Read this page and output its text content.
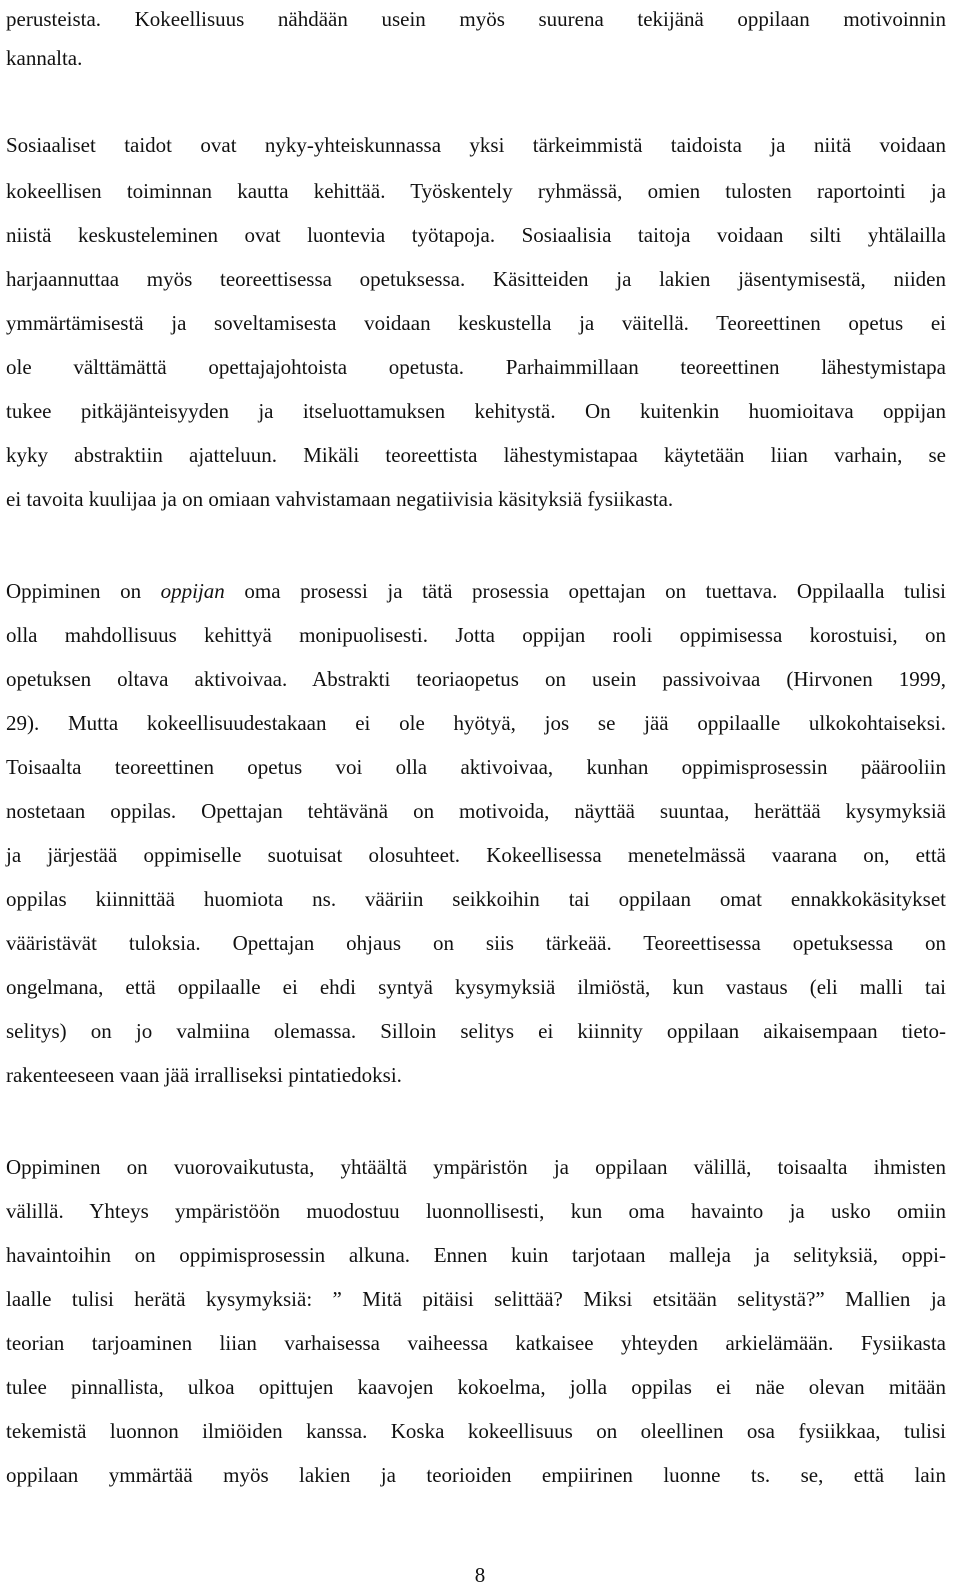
perusteista. Kokeellisuus nähdään usein myös suurena tekijänä oppilaan motivoinnin
kannalta.
Sosiaaliset taidot ovat nyky-yhteiskunnassa yksi tärkeimmistä taidoista ja niitä voidaan
kokeellisen toiminnan kautta kehittää. Työskentely ryhmässä, omien tulosten raportointi ja
niistä keskusteleminen ovat luontevia työtapoja. Sosiaalisia taitoja voidaan silti yhtälailla
harjaannuttaa myös teoreettisessa opetuksessa. Käsitteiden ja lakien jäsentymisestä, niiden
ymmärtämisestä ja soveltamisesta voidaan keskustella ja väitellä. Teoreettinen opetus ei
ole välttämättä opettajajohtoista opetusta. Parhaimmillaan teoreettinen lähestymistapa
tukee pitkäjänteisyyden ja itseluottamuksen kehitystä. On kuitenkin huomioitava oppijan
kyky abstraktiin ajatteluun. Mikäli teoreettista lähestymistapaa käytetään liian varhain, se
ei tavoita kuulijaa ja on omiaan vahvistamaan negatiivisia käsityksiä fysiikasta.
Oppiminen on oppijan oma prosessi ja tätä prosessia opettajan on tuettava. Oppilaalla tulisi
olla mahdollisuus kehittyä monipuolisesti. Jotta oppijan rooli oppimisessa korostuisi, on
opetuksen oltava aktivoivaa. Abstrakti teoriaopetus on usein passivoivaa (Hirvonen 1999,
29). Mutta kokeellisuudestakaan ei ole hyötyä, jos se jää oppilaalle ulkokohtaiseksi.
Toisaalta teoreettinen opetus voi olla aktivoivaa, kunhan oppimisprosessin päärooliin
nostetaan oppilas. Opettajan tehtävänä on motivoida, näyttää suuntaa, herättää kysymyksiä
ja järjestää oppimiselle suotuisat olosuhteet. Kokeellisessa menetelmässä vaarana on, että
oppilas kiinnittää huomiota ns. vääriin seikkoihin tai oppilaan omat ennakkokäsitykset
vääristävät tuloksia. Opettajan ohjaus on siis tärkeää. Teoreettisessa opetuksessa on
ongelmana, että oppilaalle ei ehdi syntyä kysymyksiä ilmiöstä, kun vastaus (eli malli tai
selitys) on jo valmiina olemassa. Silloin selitys ei kiinnity oppilaan aikaisempaan tieto-
rakenteeseen vaan jää irralliseksi pintatiedoksi.
Oppiminen on vuorovaikutusta, yhtäältä ympäristön ja oppilaan välillä, toisaalta ihmisten
välillä. Yhteys ympäristöön muodostuu luonnollisesti, kun oma havainto ja usko omiin
havaintoihin on oppimisprosessin alkuna. Ennen kuin tarjotaan malleja ja selityksiä, oppi-
laalle tulisi herätä kysymyksiä: ” Mitä pitäisi selittää? Miksi etsitään selitystä?” Mallien ja
teorian tarjoaminen liian varhaisessa vaiheessa katkaisee yhteyden arkielämään. Fysiikasta
tulee pinnallista, ulkoa opittujen kaavojen kokoelma, jolla oppilas ei näe olevan mitään
tekemistä luonnon ilmiöiden kanssa. Koska kokeellisuus on oleellinen osa fysiikkaa, tulisi
oppilaan ymmärtää myös lakien ja teorioiden empiirinen luonne ts. se, että lain
8
